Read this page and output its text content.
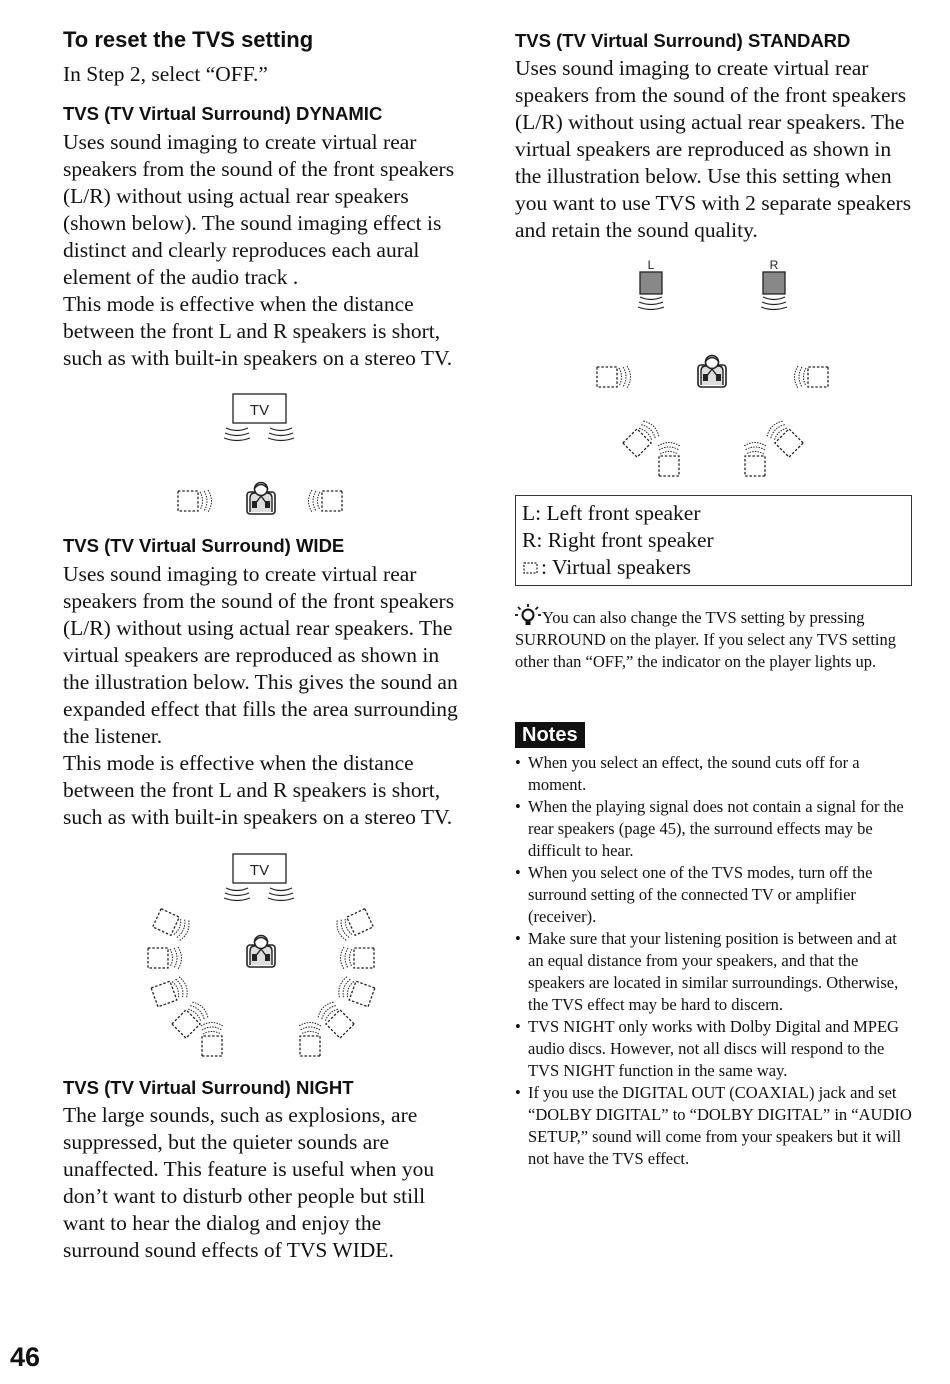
To reset the TVS setting
In Step 2, select “OFF.”
TVS (TV Virtual Surround) DYNAMIC
Uses sound imaging to create virtual rear speakers from the sound of the front speakers (L/R) without using actual rear speakers (shown below). The sound imaging effect is distinct and clearly reproduces each aural element of the audio track .
This mode is effective when the distance between the front L and R speakers is short, such as with built-in speakers on a stereo TV.
TV
TVS (TV Virtual Surround) WIDE
Uses sound imaging to create virtual rear speakers from the sound of the front speakers (L/R) without using actual rear speakers. The virtual speakers are reproduced as shown in the illustration below. This gives the sound an expanded effect that fills the area surrounding the listener.
This mode is effective when the distance between the front L and R speakers is short, such as with built-in speakers on a stereo TV.
TV
TVS (TV Virtual Surround) NIGHT
The large sounds, such as explosions, are suppressed, but the quieter sounds are unaffected. This feature is useful when you don’t want to disturb other people but still want to hear the dialog and enjoy the surround sound effects of TVS WIDE.
46
TVS (TV Virtual Surround) STANDARD
Uses sound imaging to create virtual rear speakers from the sound of the front speakers (L/R) without using actual rear speakers. The virtual speakers are reproduced as shown in the illustration below. Use this setting when you want to use TVS with 2 separate speakers and retain the sound quality.
L	R
L: Left front speaker
R: Right front speaker
: Virtual speakers
You can also change the TVS setting by pressing SURROUND on the player. If you select any TVS setting other than “OFF,” the indicator on the player lights up.
Notes
• When you select an effect, the sound cuts off for a moment.
• When the playing signal does not contain a signal for the rear speakers (page 45), the surround effects may be difficult to hear.
• When you select one of the TVS modes, turn off the surround setting of the connected TV or amplifier (receiver).
• Make sure that your listening position is between and at an equal distance from your speakers, and that the speakers are located in similar surroundings. Otherwise, the TVS effect may be hard to discern.
• TVS NIGHT only works with Dolby Digital and MPEG audio discs. However, not all discs will respond to the TVS NIGHT function in the same way.
• If you use the DIGITAL OUT (COAXIAL) jack and set “DOLBY DIGITAL” to “DOLBY DIGITAL” in “AUDIO SETUP,” sound will come from your speakers but it will not have the TVS effect.
